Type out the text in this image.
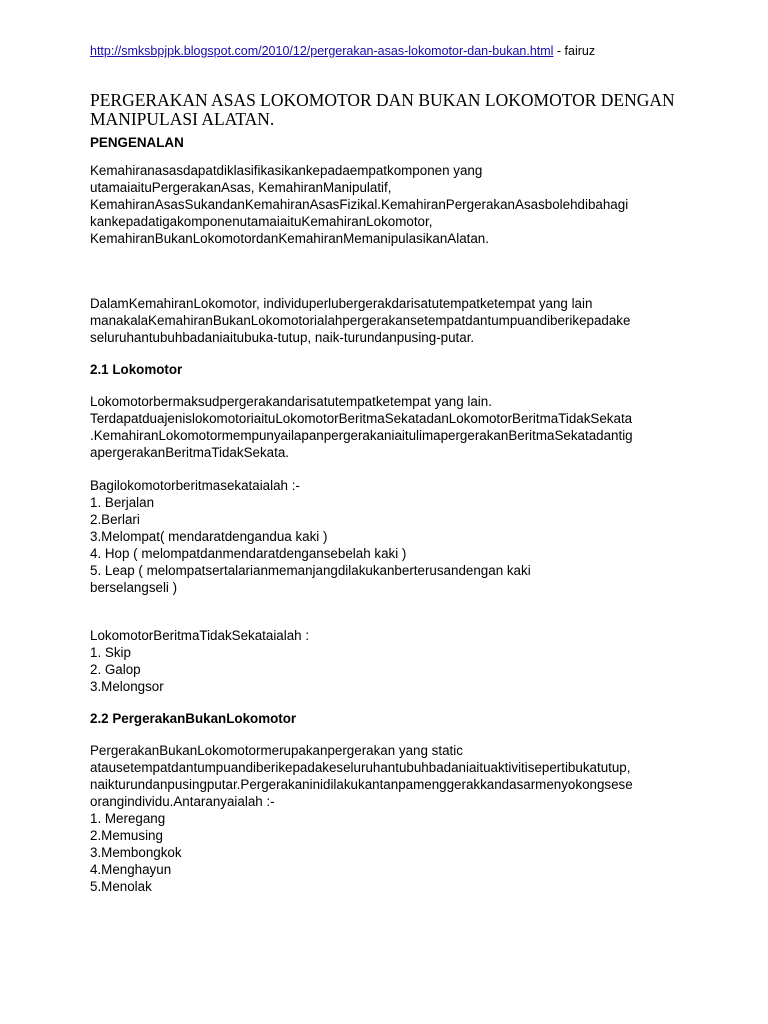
http://smksbpjpk.blogspot.com/2010/12/pergerakan-asas-lokomotor-dan-bukan.html - fairuz
PERGERAKAN ASAS LOKOMOTOR DAN BUKAN LOKOMOTOR DENGAN MANIPULASI ALATAN.
PENGENALAN
Kemahiranasasdapatdiklasifikasikankepadaempatkomponen yang
utamaiaituPergerakanAsas, KemahiranManipulatif,
KemahiranAsasSukandanKemahiranAsasFizikal.KemahiranPergerakanAsasbolehdibahagi
kankepadatigakomponenutamaiaituKemahiranLokomotor,
KemahiranBukanLokomotordanKemahiranMemanipulasikanAlatan.
DalamKemahiranLokomotor, individuperlubergerakdarisatutempatketempat yang lain
manakalaKemahiranBukanLokomotorialahpergerakansetempatdantumpuandiberikepadake
seluruhantubuhbadaniaitubuka-tutup, naik-turundanpusing-putar.
2.1 Lokomotor
Lokomotorbermaksudpergerakandarisatutempatketempat yang lain.
TerdapatduajenislokomotoriaituLokomotorBeritmaSekatadanLokomotorBeritmaTidakSekata
.KemahiranLokomotormempunyailapanpergerakaniaitulimapergerakanBeritmaSekatadantig
apergerakanBeritmaTidakSekata.
Bagilokomotorberitmasekataialah :-
1. Berjalan
2.Berlari
3.Melompat( mendaratdengandua kaki )
4. Hop ( melompatdanmendaratdengansebelah kaki )
5. Leap ( melompatsertalarianmemanjangdilakukanberterusandengan kaki
berselangseli )
LokomotorBeritmaTidakSekataialah :
1. Skip
2. Galop
3.Melongsor
2.2 PergerakanBukanLokomotor
PergerakanBukanLokomotormerupakanpergerakan yang static
atausetempatdantumpuandiberikepadakeseluruhantubuhbadaniaituaktivitisepertibukatutup,
naikturundanpusingputar.Pergerakaninidilakukantanpamenggerakkandasarmenyokongsese
orangindividu.Antaranyaialah :-
1. Meregang
2.Memusing
3.Membongkok
4.Menghayun
5.Menolak
